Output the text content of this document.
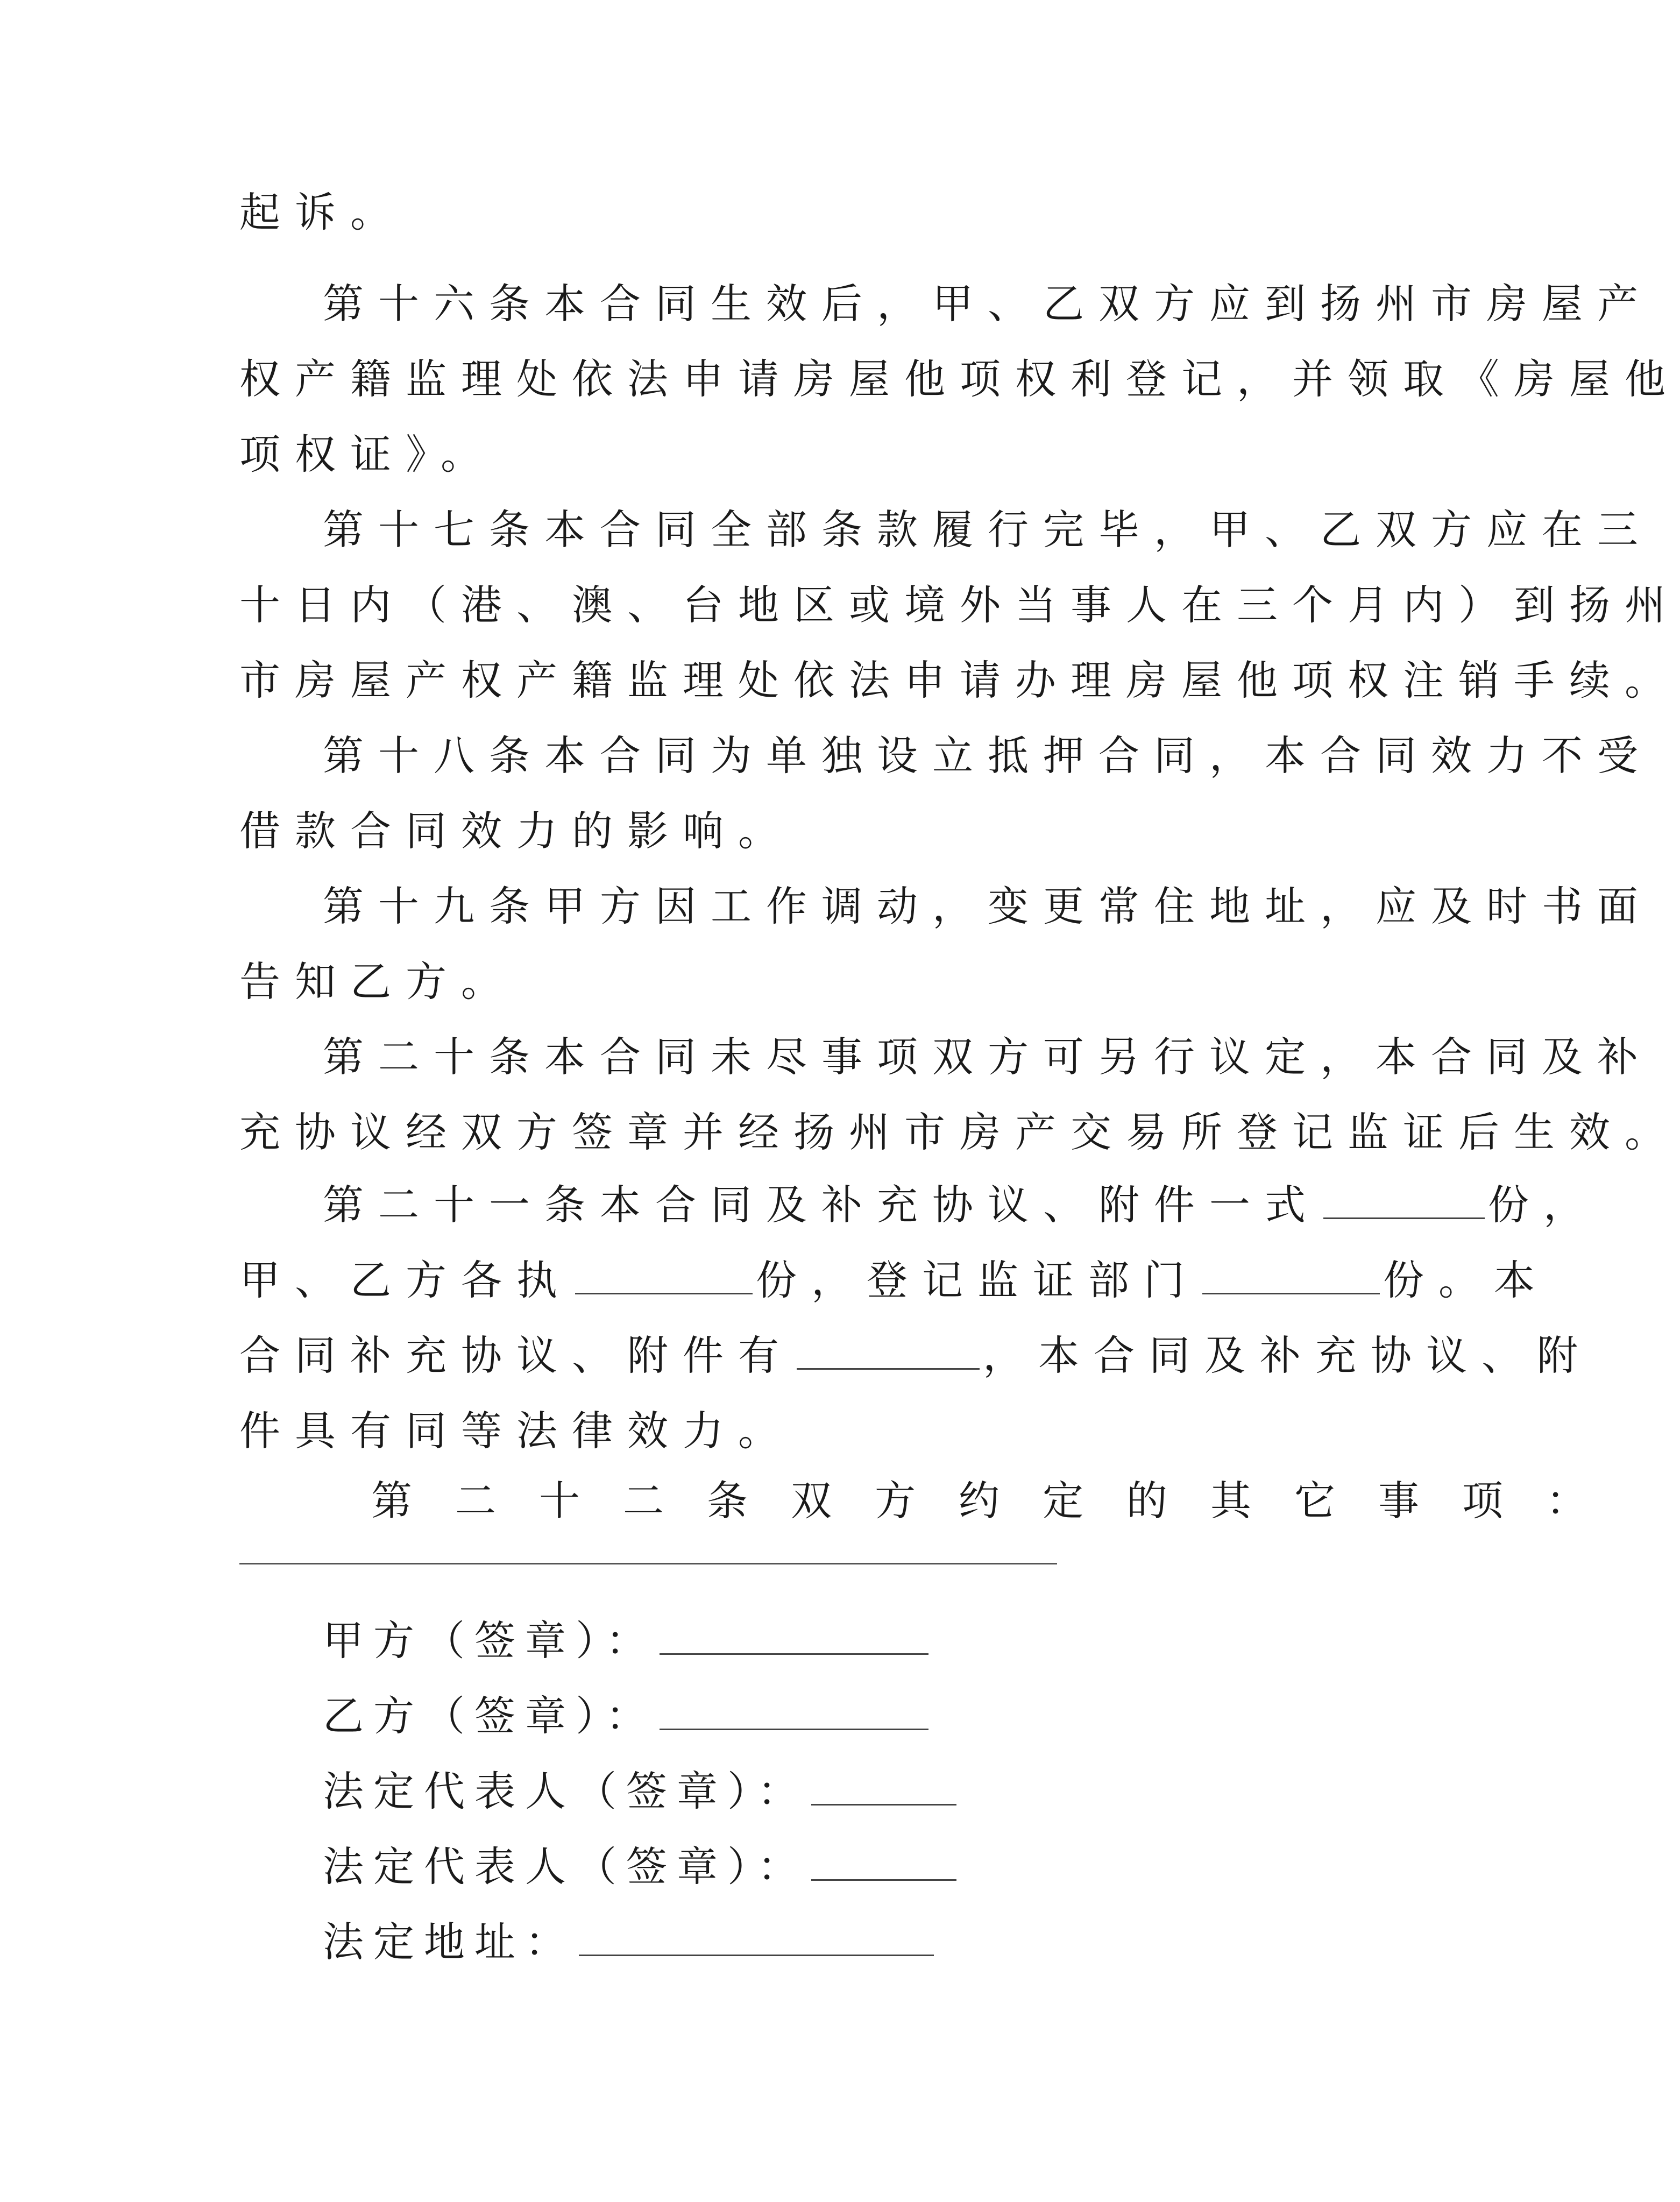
起诉。
第十六条本合同生效后，甲、乙双方应到扬州市房屋产
权产籍监理处依法申请房屋他项权利登记，并领取《房屋他
项权证》。
第十七条本合同全部条款履行完毕，甲、乙双方应在三
十日内（港、澳、台地区或境外当事人在三个月内）到扬州
市房屋产权产籍监理处依法申请办理房屋他项权注销手续。
第十八条本合同为单独设立抵押合同，本合同效力不受
借款合同效力的影响。
第十九条甲方因工作调动，变更常住地址，应及时书面
告知乙方。
第二十条本合同未尽事项双方可另行议定，本合同及补
充协议经双方签章并经扬州市房产交易所登记监证后生效。
第二十一条本合同及补充协议、附件一式	份，
甲、乙方各执	份，登记监证部门	份。本
合同补充协议、附件有	，本合同及补充协议、附
件具有同等法律效力。
第二十二条双方约定的其它事项：
甲方（签章）：
乙方（签章）：
法定代表人（签章）：
法定代表人（签章）：
法定地址：
